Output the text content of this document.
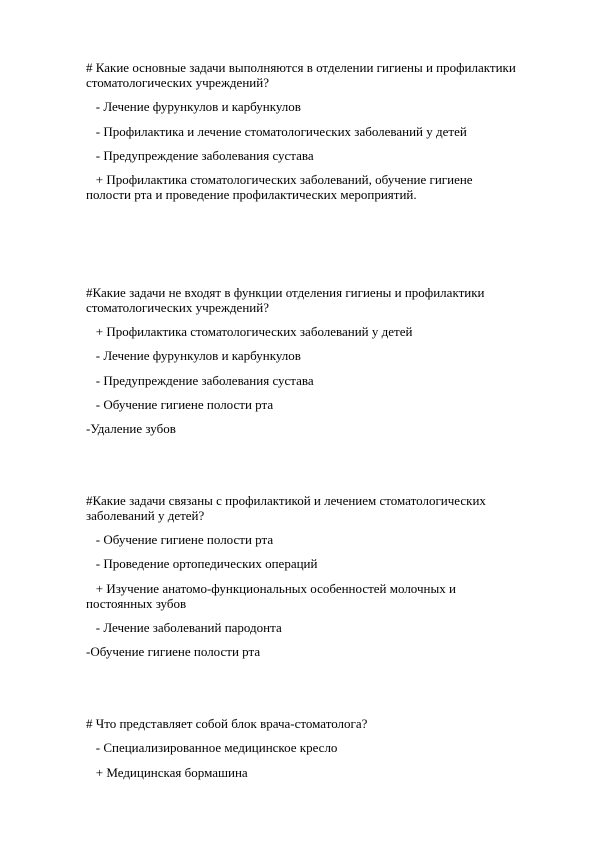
# Какие основные задачи выполняются в отделении гигиены и профилактики
стоматологических учреждений?
- Лечение фурункулов и карбункулов
- Профилактика и лечение стоматологических заболеваний у детей
- Предупреждение заболевания сустава
+ Профилактика стоматологических заболеваний, обучение гигиене
полости рта и проведение профилактических мероприятий.
#Какие задачи не входят в функции отделения гигиены и профилактики
стоматологических учреждений?
+ Профилактика стоматологических заболеваний у детей
- Лечение фурункулов и карбункулов
- Предупреждение заболевания сустава
- Обучение гигиене полости рта
-Удаление зубов
#Какие задачи связаны с профилактикой и лечением стоматологических
заболеваний у детей?
- Обучение гигиене полости рта
- Проведение ортопедических операций
+ Изучение анатомо-функциональных особенностей молочных и
постоянных зубов
- Лечение заболеваний пародонта
-Обучение гигиене полости рта
# Что представляет собой блок врача-стоматолога?
- Специализированное медицинское кресло
+ Медицинская бормашина
